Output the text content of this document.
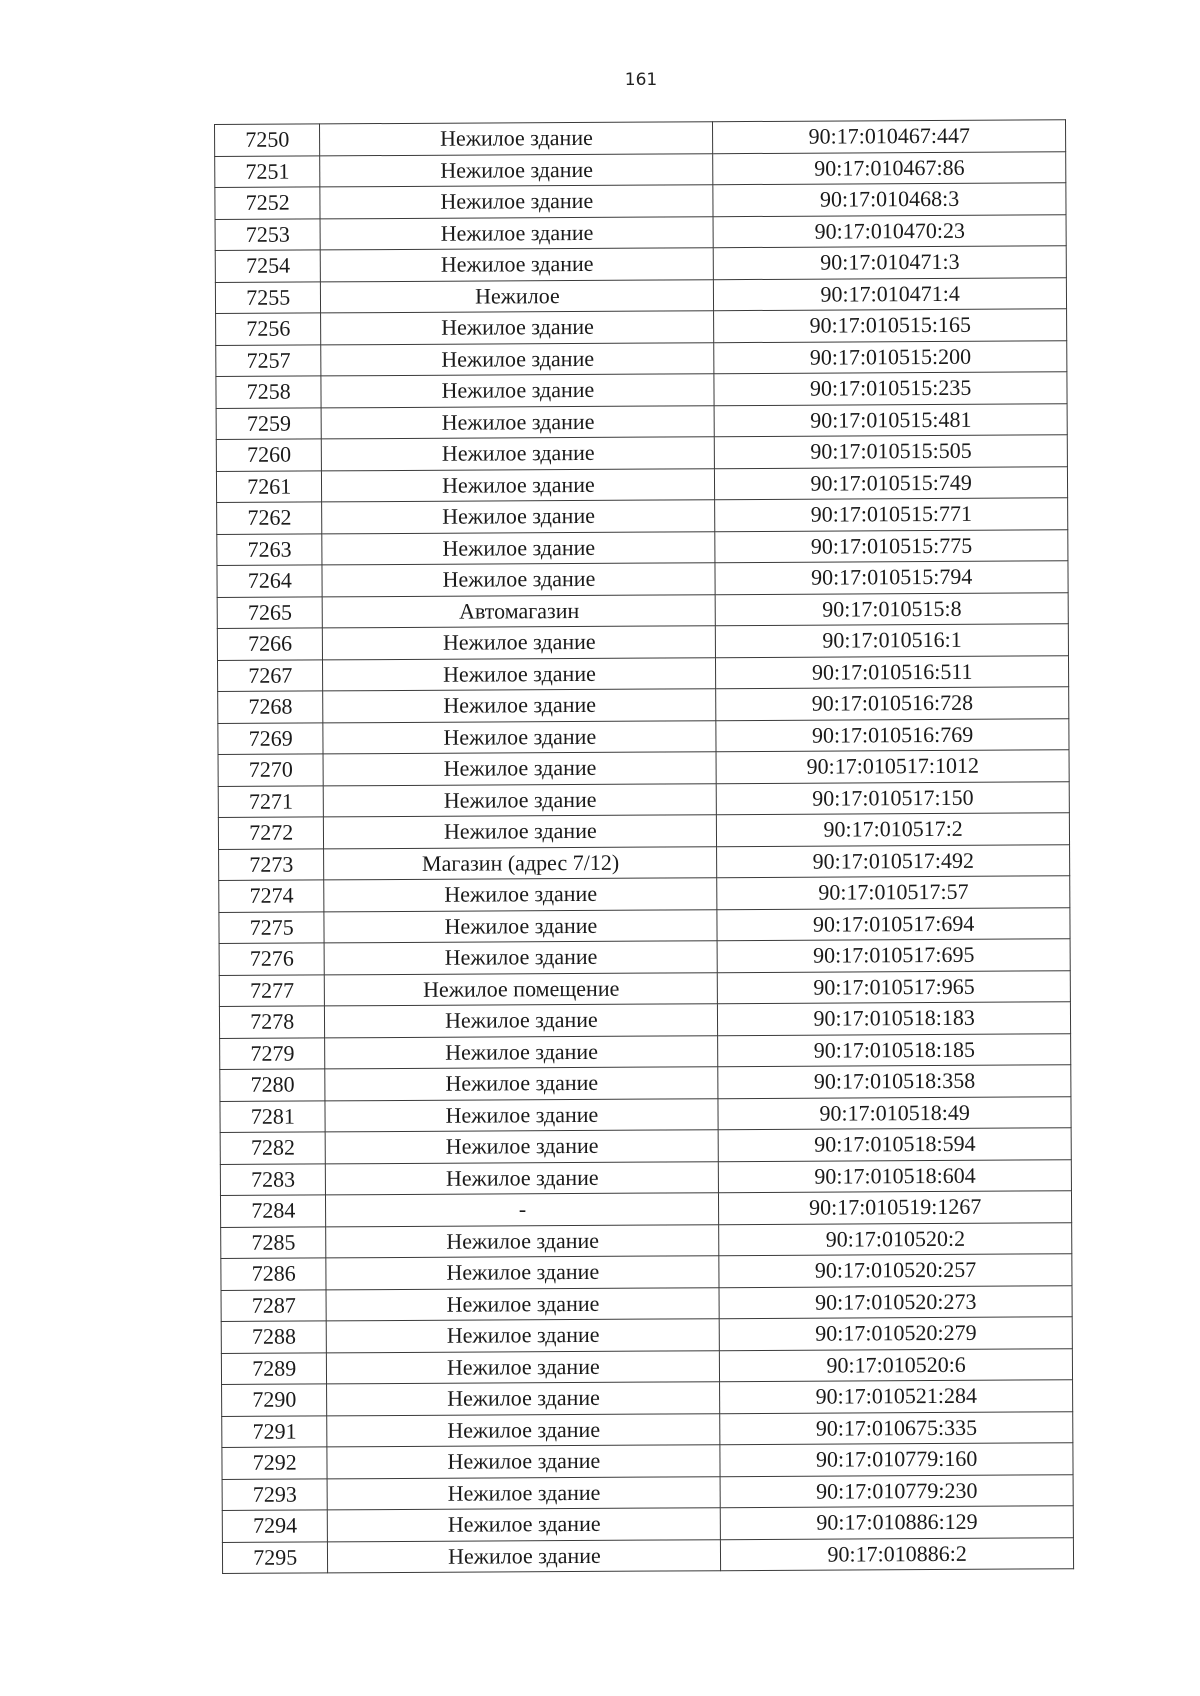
161
7250	Нежилое здание	90:17:010467:447
7251	Нежилое здание	90:17:010467:86
7252	Нежилое здание	90:17:010468:3
7253	Нежилое здание	90:17:010470:23
7254	Нежилое здание	90:17:010471:3
7255	Нежилое	90:17:010471:4
7256	Нежилое здание	90:17:010515:165
7257	Нежилое здание	90:17:010515:200
7258	Нежилое здание	90:17:010515:235
7259	Нежилое здание	90:17:010515:481
7260	Нежилое здание	90:17:010515:505
7261	Нежилое здание	90:17:010515:749
7262	Нежилое здание	90:17:010515:771
7263	Нежилое здание	90:17:010515:775
7264	Нежилое здание	90:17:010515:794
7265	Автомагазин	90:17:010515:8
7266	Нежилое здание	90:17:010516:1
7267	Нежилое здание	90:17:010516:511
7268	Нежилое здание	90:17:010516:728
7269	Нежилое здание	90:17:010516:769
7270	Нежилое здание	90:17:010517:1012
7271	Нежилое здание	90:17:010517:150
7272	Нежилое здание	90:17:010517:2
7273	Магазин (адрес 7/12)	90:17:010517:492
7274	Нежилое здание	90:17:010517:57
7275	Нежилое здание	90:17:010517:694
7276	Нежилое здание	90:17:010517:695
7277	Нежилое помещение	90:17:010517:965
7278	Нежилое здание	90:17:010518:183
7279	Нежилое здание	90:17:010518:185
7280	Нежилое здание	90:17:010518:358
7281	Нежилое здание	90:17:010518:49
7282	Нежилое здание	90:17:010518:594
7283	Нежилое здание	90:17:010518:604
7284	-	90:17:010519:1267
7285	Нежилое здание	90:17:010520:2
7286	Нежилое здание	90:17:010520:257
7287	Нежилое здание	90:17:010520:273
7288	Нежилое здание	90:17:010520:279
7289	Нежилое здание	90:17:010520:6
7290	Нежилое здание	90:17:010521:284
7291	Нежилое здание	90:17:010675:335
7292	Нежилое здание	90:17:010779:160
7293	Нежилое здание	90:17:010779:230
7294	Нежилое здание	90:17:010886:129
7295	Нежилое здание	90:17:010886:2
